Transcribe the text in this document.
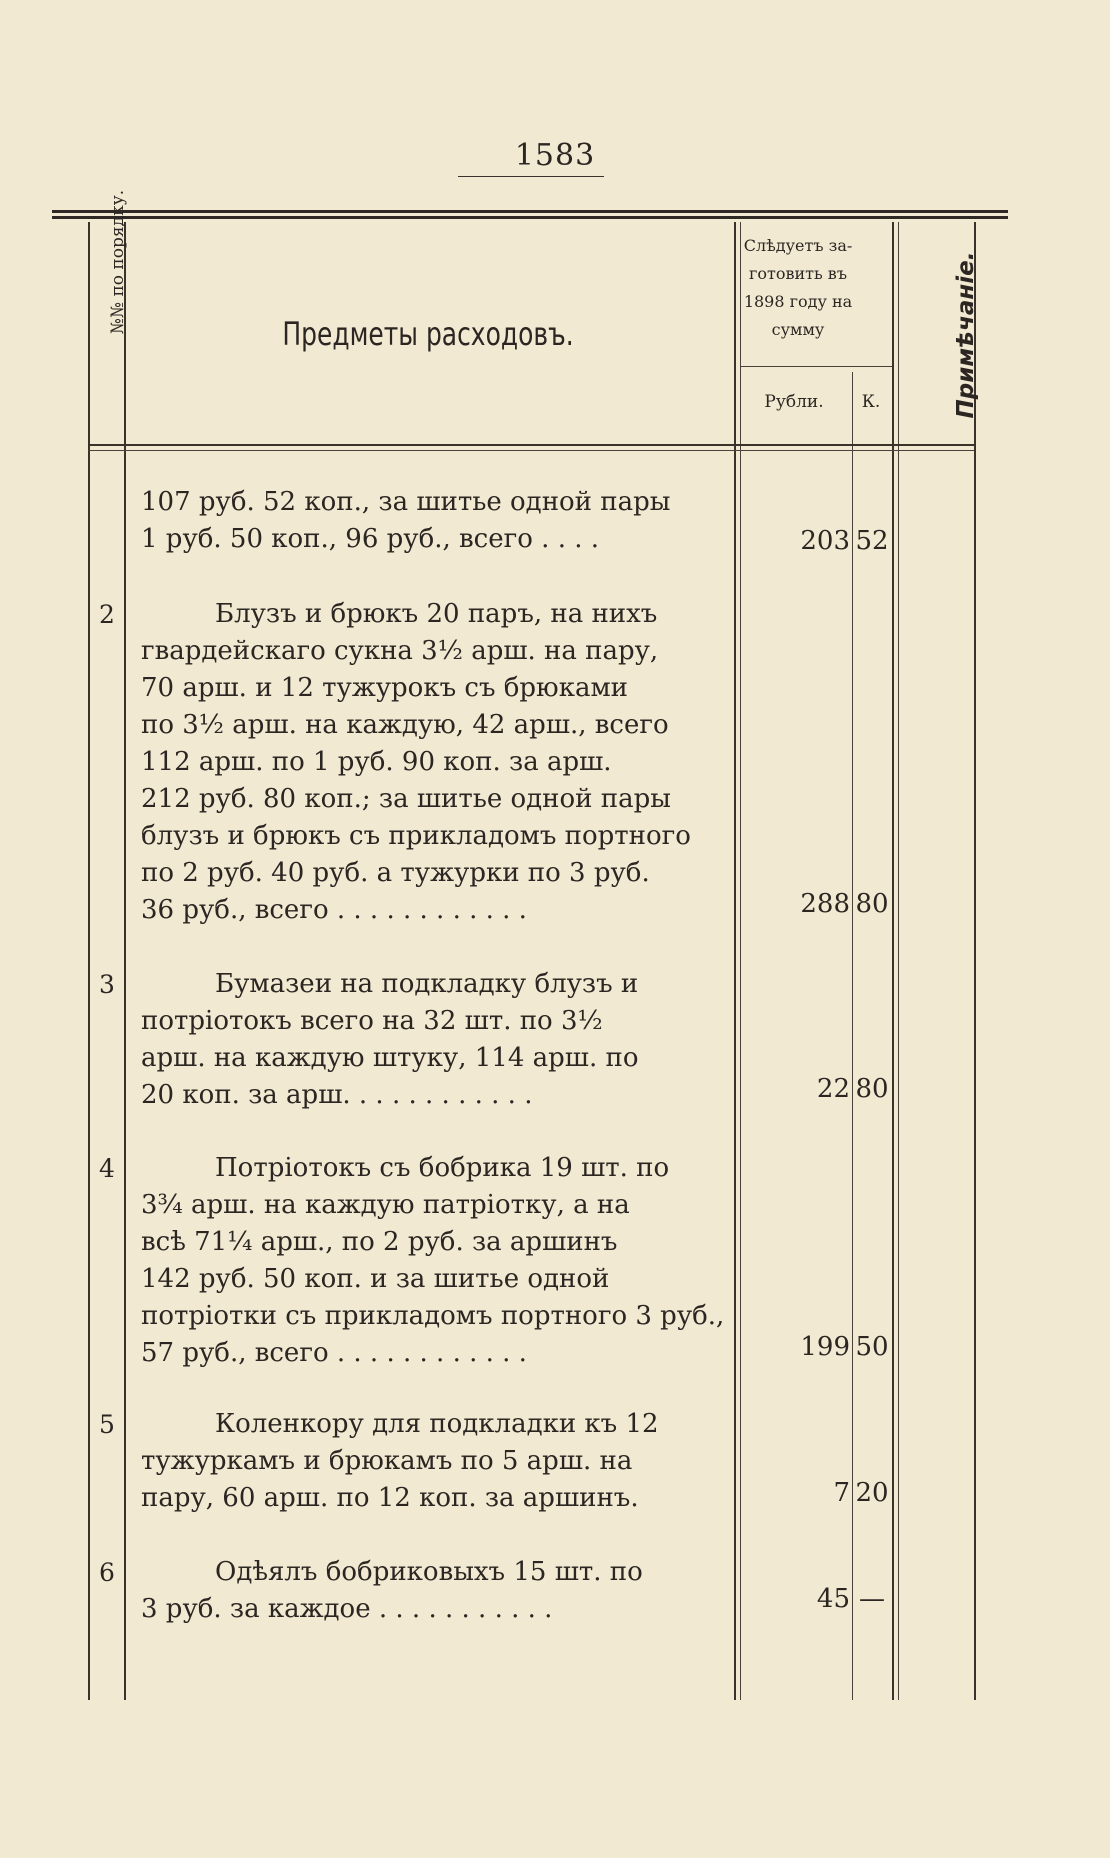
1583
№№ по порядку.	Предметы расходовъ.
Слѣдуетъ за-
готовить въ
1898 году на
сумму
Рубли.	К.	Примѣчаніе.
107 руб. 52 коп., за шитье одной пары
1 руб. 50 коп., 96 руб., всего . . . .	203 52
2	Блузъ и брюкъ 20 паръ, на нихъ
гвардейскаго сукна 3½ арш. на пару,
70 арш. и 12 тужурокъ съ брюками
по 3½ арш. на каждую, 42 арш., всего
112 арш. по 1 руб. 90 коп. за арш.
212 руб. 80 коп.; за шитье одной пары
блузъ и брюкъ съ прикладомъ портного
по 2 руб. 40 руб. а тужурки по 3 руб.
36 руб., всего . . . . . . . . . . . .	288 80
3	Бумазеи на подкладку блузъ и
потріотокъ всего на 32 шт. по 3½
арш. на каждую штуку, 114 арш. по
20 коп. за арш. . . . . . . . . . . .	22 80
4	Потріотокъ съ бобрика 19 шт. по
3¾ арш. на каждую патріотку, а на
всѣ 71¼ арш., по 2 руб. за аршинъ
142 руб. 50 коп. и за шитье одной
потріотки съ прикладомъ портного 3 руб.,
57 руб., всего . . . . . . . . . . . .	199 50
5	Коленкору для подкладки къ 12
тужуркамъ и брюкамъ по 5 арш. на
пару, 60 арш. по 12 коп. за аршинъ.	7 20
6	Одѣялъ бобриковыхъ 15 шт. по
3 руб. за каждое . . . . . . . . . . .	45 —
